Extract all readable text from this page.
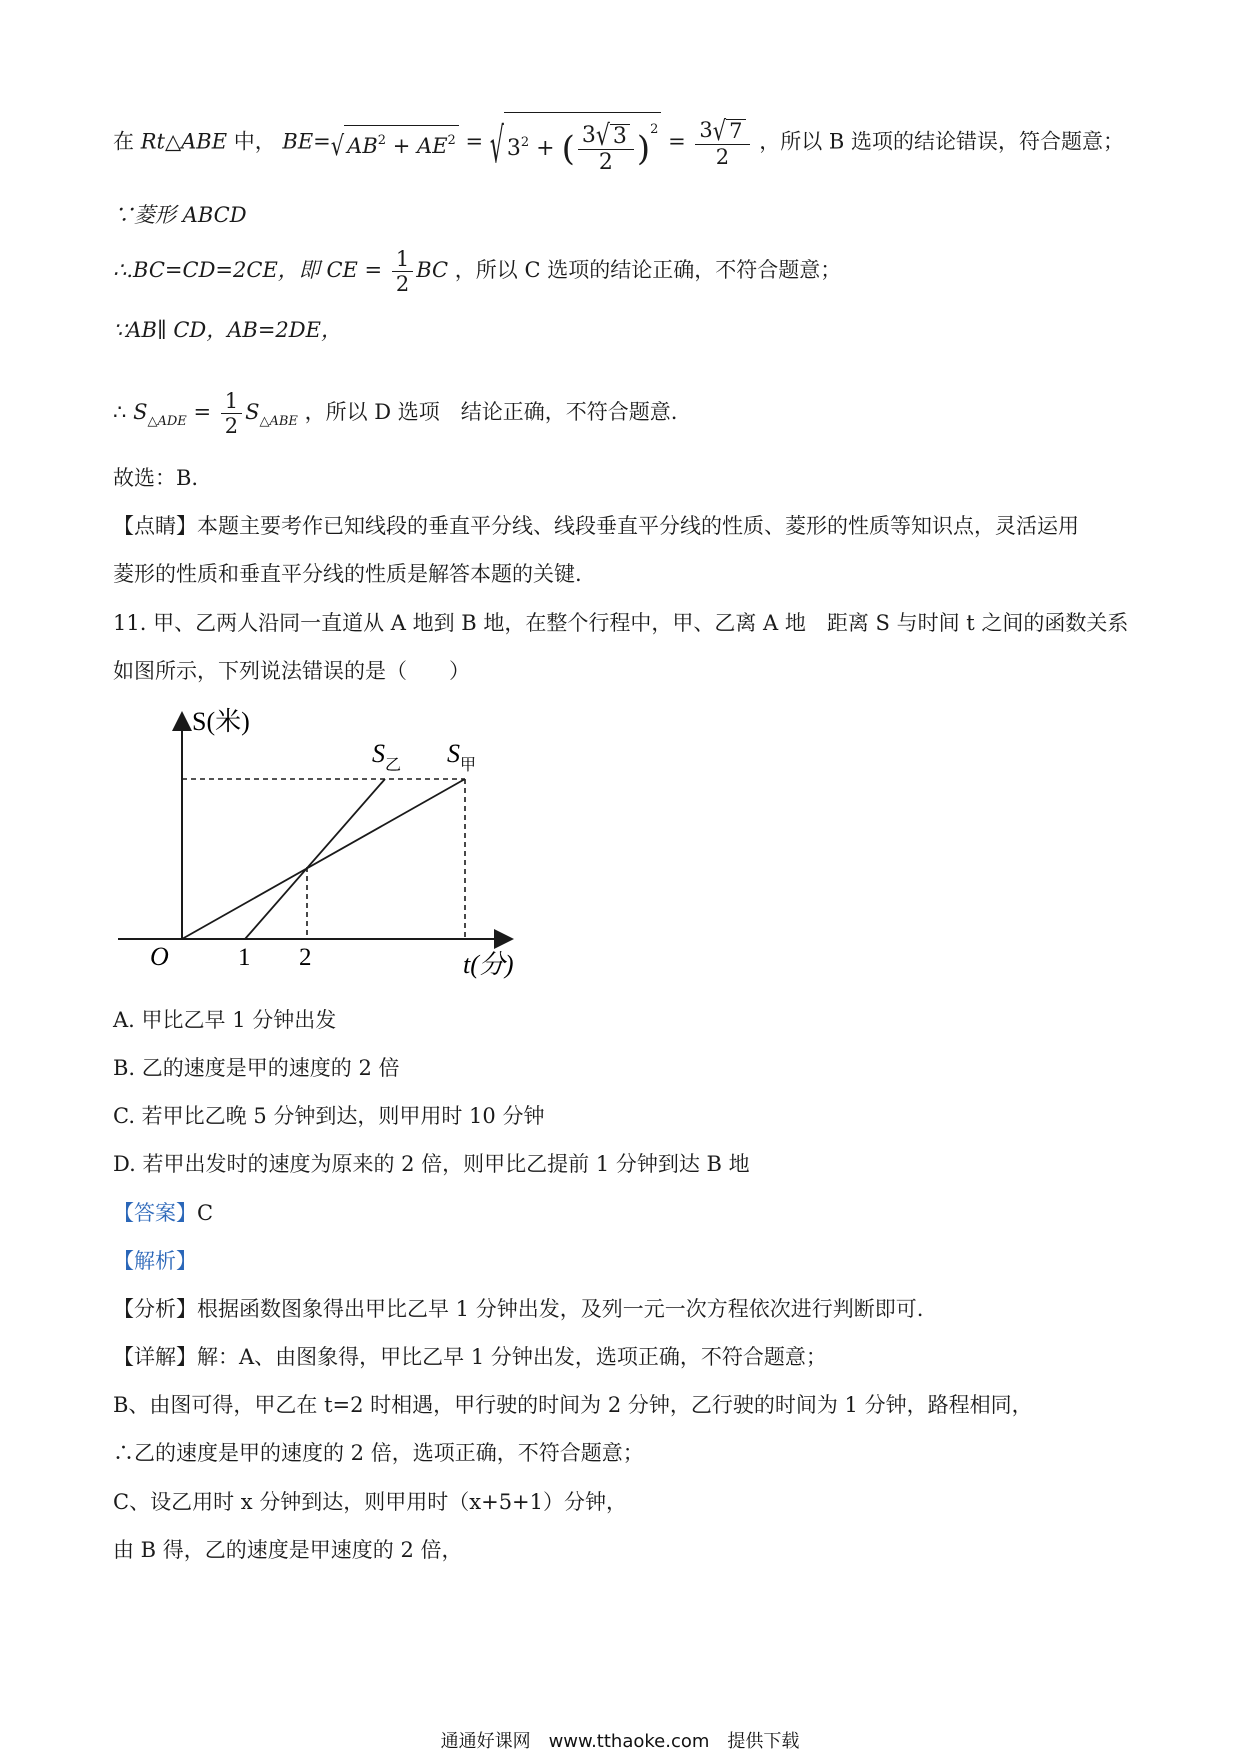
在 Rt△ABE 中， BE=√ $AB^2 + AE^2$ = √ $3^2$ + ( $\frac{3√ 3}{2} )^2 = \frac{3√ 7}{2}$ ，所以 B 选项的结论错误，符合题意；
∵菱形 ABCD
∴.BC=CD=2CE，即 CE = $\frac{1}{2}$ BC ，所以 C 选项的结论正确，不符合题意；
∵AB∥ CD，AB=2DE，
∴ $S_{\triangle ADE} = \frac{1}{2} S_{\triangle ABE}$ ，所以 D 选项　结论正确，不符合题意.
故选：B.
【点睛】本题主要考作已知线段的垂直平分线、线段垂直平分线的性质、菱形的性质等知识点，灵活运用
菱形的性质和垂直平分线的性质是解答本题的关键.
11. 甲、乙两人沿同一直道从 A 地到 B 地，在整个行程中，甲、乙离 A 地　距离 S 与时间 t 之间的函数关系
如图所示，下列说法错误的是（　　）
S(米)
t(分)
O	1 2
$S_乙$ $S_甲$
A. 甲比乙早 1 分钟出发
B. 乙的速度是甲的速度的 2 倍
C. 若甲比乙晚 5 分钟到达，则甲用时 10 分钟
D. 若甲出发时的速度为原来的 2 倍，则甲比乙提前 1 分钟到达 B 地
【答案】C
【解析】
【分析】根据函数图象得出甲比乙早 1 分钟出发，及列一元一次方程依次进行判断即可.
【详解】解：A、由图象得，甲比乙早 1 分钟出发，选项正确，不符合题意；
B、由图可得，甲乙在 t=2 时相遇，甲行驶的时间为 2 分钟，乙行驶的时间为 1 分钟，路程相同，
∴乙的速度是甲的速度的 2 倍，选项正确，不符合题意；
C、设乙用时 x 分钟到达，则甲用时（x+5+1）分钟，
由 B 得，乙的速度是甲速度的 2 倍，
通通好课网　www.tthaoke.com　提供下载
